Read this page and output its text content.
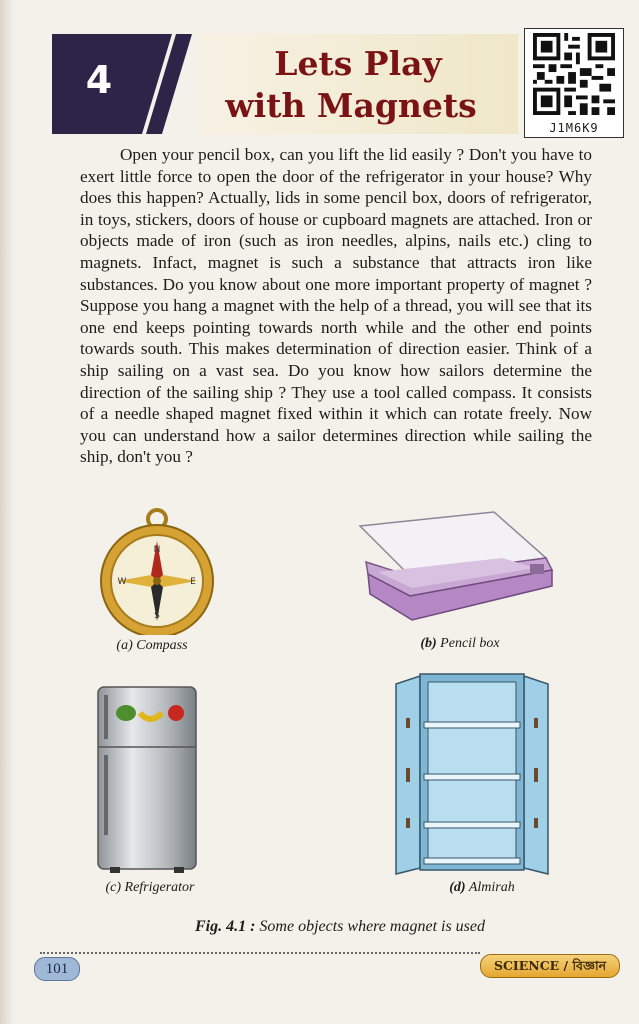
4	Lets Play
with Magnets
J1M6K9
Open your pencil box, can you lift the lid easily ? Don't you have to exert little force to open the door of the refrigerator in your house? Why does this happen? Actually, lids in some pencil box, doors of refrigerator, in toys, stickers, doors of house or cupboard magnets are attached. Iron or objects made of iron (such as iron needles, alpins, nails etc.) cling to magnets. Infact, magnet is such a substance that attracts iron like substances. Do you know about one more important property of magnet ? Suppose you hang a magnet with the help of a thread, you will see that its one end keeps pointing towards north while and the other end points towards south. This makes determination of direction easier. Think of a ship sailing on a vast sea. Do you know how sailors determine the direction of the sailing ship ? They use a tool called compass. It consists of a needle shaped magnet fixed within it which can rotate freely. Now you can understand how a sailor determines direction while sailing the ship, don't you ?
N
S
E
W
(a) Compass	(b) Pencil box
(c) Refrigerator	(d) Almirah
Fig. 4.1 : Some objects where magnet is used
101	SCIENCE / বিজ্ঞান
